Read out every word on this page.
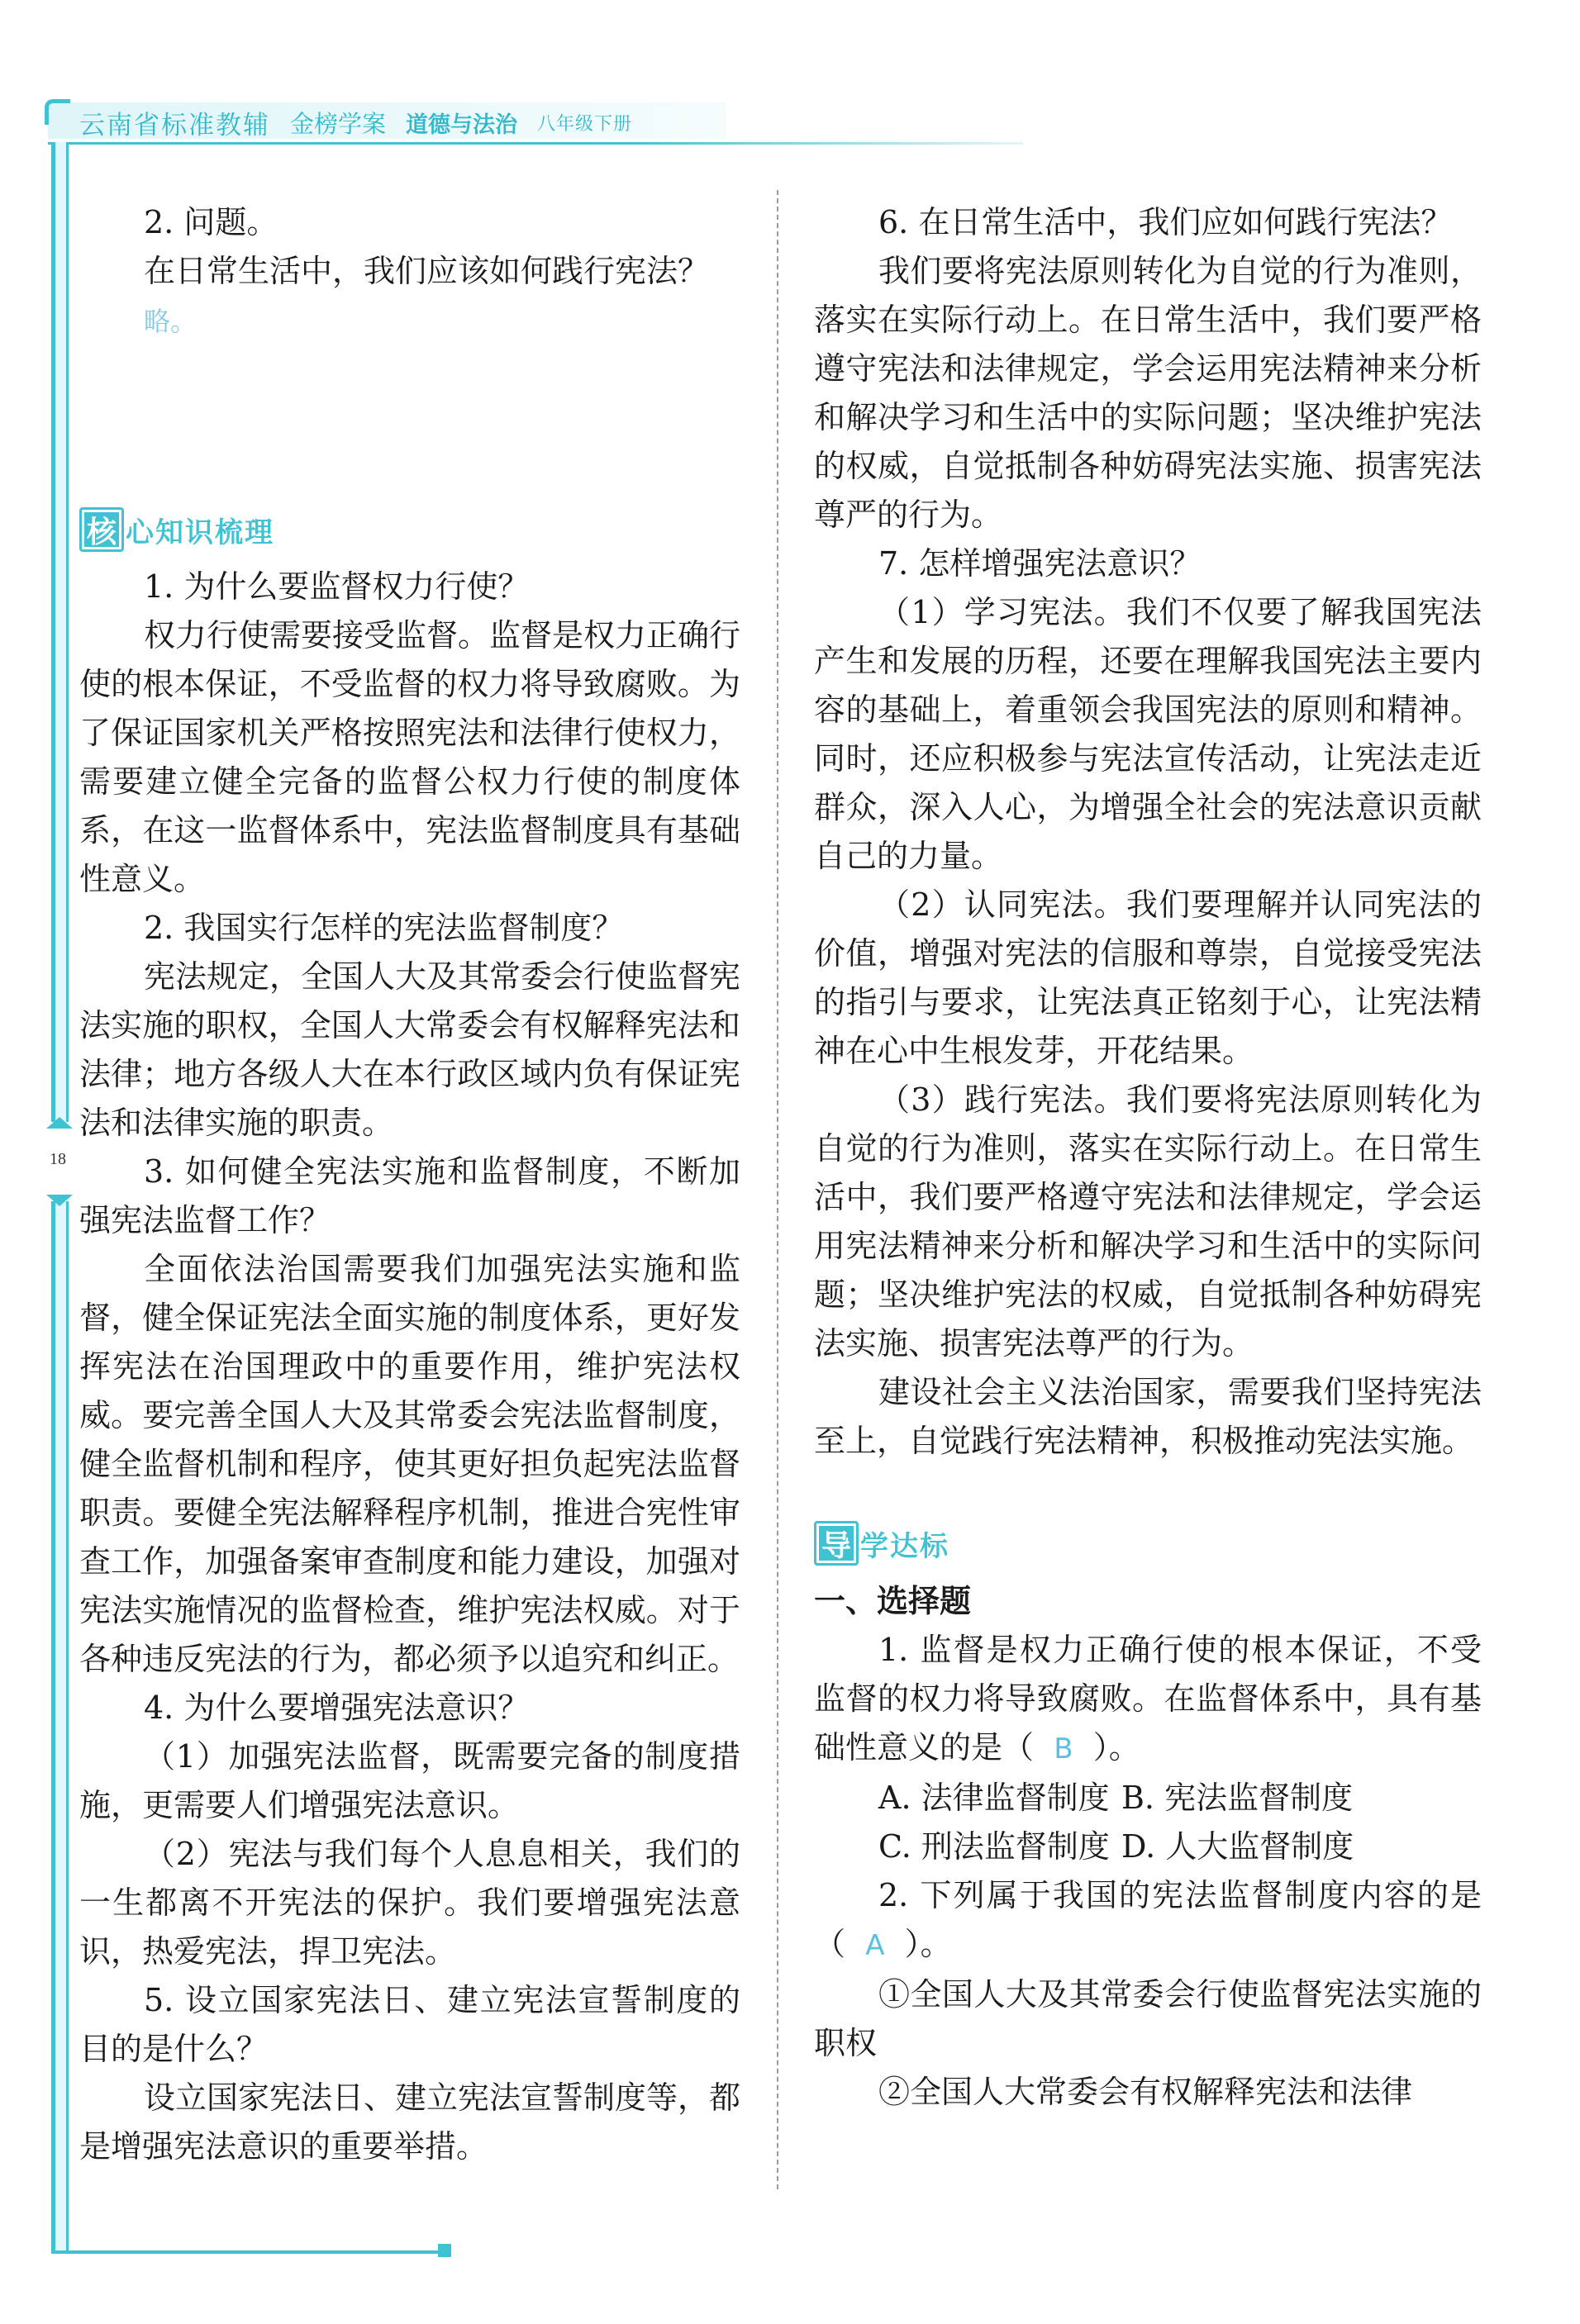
云南省标准教辅 金榜学案 道德与法治 八年级下册
18

2. 问题。

在日常生活中，我们应该如何践行宪法？

略。

核 心知识梳理

1. 为什么要监督权力行使？

权力行使需要接受监督。监督是权力正确行使的根本保证，不受监督的权力将导致腐败。为了保证国家机关严格按照宪法和法律行使权力，需要建立健全完备的监督公权力行使的制度体系，在这一监督体系中，宪法监督制度具有基础性意义。

2. 我国实行怎样的宪法监督制度？

宪法规定，全国人大及其常委会行使监督宪法实施的职权，全国人大常委会有权解释宪法和法律；地方各级人大在本行政区域内负有保证宪法和法律实施的职责。

3. 如何健全宪法实施和监督制度，不断加强宪法监督工作？

全面依法治国需要我们加强宪法实施和监督，健全保证宪法全面实施的制度体系，更好发挥宪法在治国理政中的重要作用，维护宪法权威。要完善全国人大及其常委会宪法监督制度，健全监督机制和程序，使其更好担负起宪法监督职责。要健全宪法解释程序机制，推进合宪性审查工作，加强备案审查制度和能力建设，加强对宪法实施情况的监督检查，维护宪法权威。对于各种违反宪法的行为，都必须予以追究和纠正。

4. 为什么要增强宪法意识？

（1）加强宪法监督，既需要完备的制度措施，更需要人们增强宪法意识。

（2）宪法与我们每个人息息相关，我们的一生都离不开宪法的保护。我们要增强宪法意识，热爱宪法，捍卫宪法。

5. 设立国家宪法日、建立宪法宣誓制度的目的是什么？

设立国家宪法日、建立宪法宣誓制度等，都是增强宪法意识的重要举措。

6. 在日常生活中，我们应如何践行宪法？

我们要将宪法原则转化为自觉的行为准则，落实在实际行动上。在日常生活中，我们要严格遵守宪法和法律规定，学会运用宪法精神来分析和解决学习和生活中的实际问题；坚决维护宪法的权威，自觉抵制各种妨碍宪法实施、损害宪法尊严的行为。

7. 怎样增强宪法意识？

（1）学习宪法。我们不仅要了解我国宪法产生和发展的历程，还要在理解我国宪法主要内容的基础上，着重领会我国宪法的原则和精神。同时，还应积极参与宪法宣传活动，让宪法走近群众，深入人心，为增强全社会的宪法意识贡献自己的力量。

（2）认同宪法。我们要理解并认同宪法的价值，增强对宪法的信服和尊崇，自觉接受宪法的指引与要求，让宪法真正铭刻于心，让宪法精神在心中生根发芽，开花结果。

（3）践行宪法。我们要将宪法原则转化为自觉的行为准则，落实在实际行动上。在日常生活中，我们要严格遵守宪法和法律规定，学会运用宪法精神来分析和解决学习和生活中的实际问题；坚决维护宪法的权威，自觉抵制各种妨碍宪法实施、损害宪法尊严的行为。

建设社会主义法治国家，需要我们坚持宪法至上，自觉践行宪法精神，积极推动宪法实施。

导 学达标

一、选择题

1. 监督是权力正确行使的根本保证，不受监督的权力将导致腐败。在监督体系中，具有基础性意义的是（ B ）。

A. 法律监督制度 B. 宪法监督制度
C. 刑法监督制度 D. 人大监督制度

2. 下列属于我国的宪法监督制度内容的是（ A ）。

①全国人大及其常委会行使监督宪法实施的职权

②全国人大常委会有权解释宪法和法律
